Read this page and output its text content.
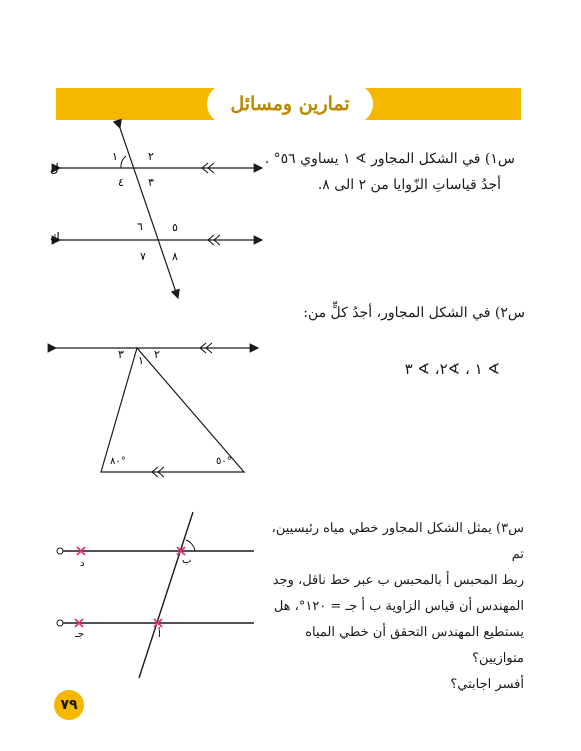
تمارين ومسائل
س١) في الشكل المجاور ∢ ١ يساوي ٥٦° .
أجدُ قياساتِ الزّوايا من ٢ الى ٨.
ل
ك
١	٢
٣
٤
٥
٦
٧ ٨
٣ ١ ٢
٨٠°	٥٠°
د	ب
جـ	أ
س٢) في الشكل المجاور، أجدُ كلٍّ من:
∢ ١ ، ∢٢، ∢ ٣
س٣) يمثل الشكل المجاور خطي مياه رئيسيين، تم
ربط المحبس أ بالمحبس ب عبر خط ناقل، وجد
المهندس أن قياس الزاوية ب أ جـ = ١٢٠°، هل
يستطيع المهندس التحقق أن خطي المياه متوازيين؟
أفسر اجابتي؟
٧٩
